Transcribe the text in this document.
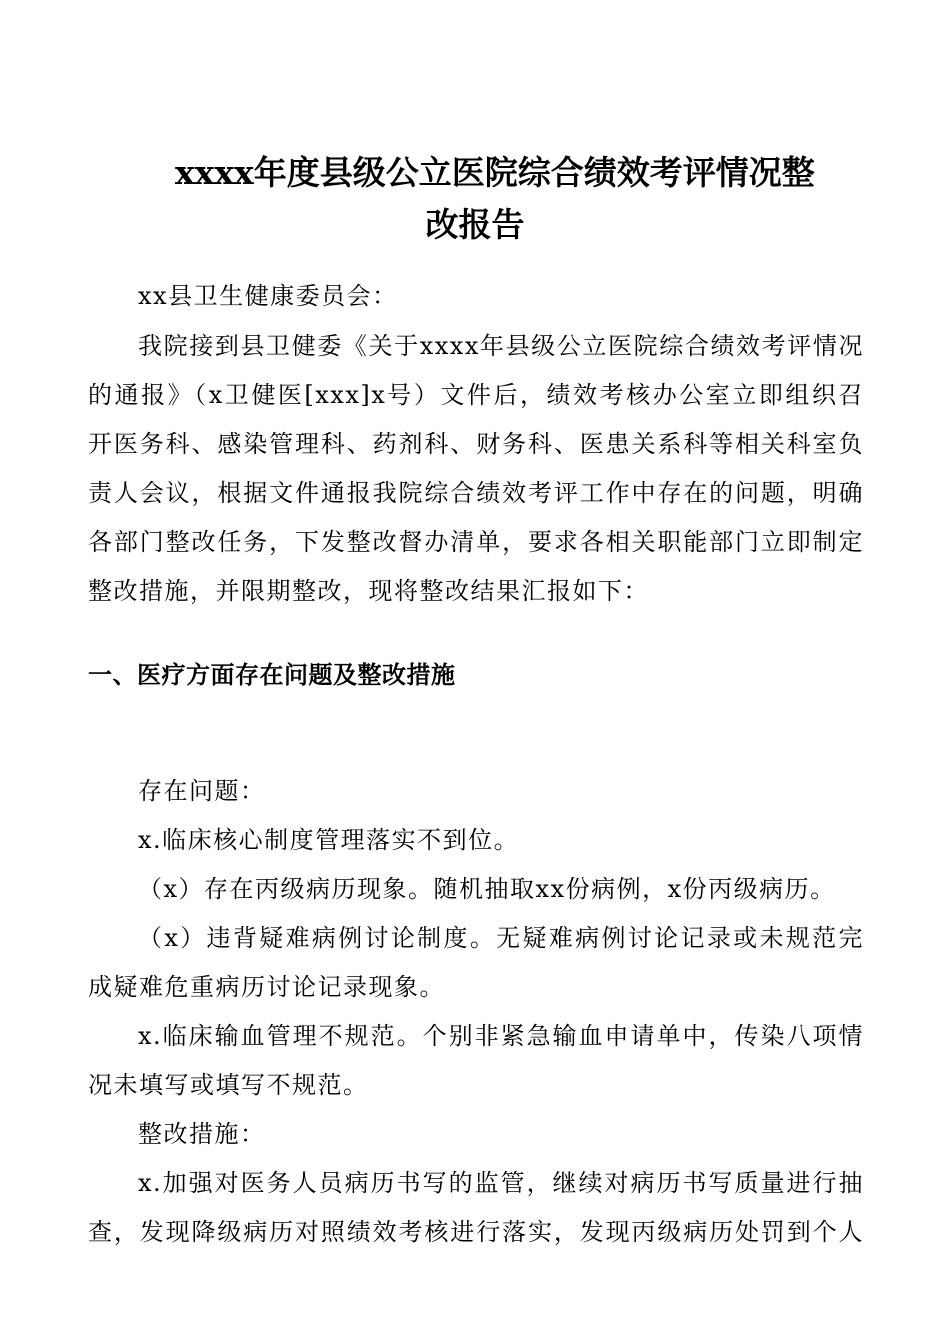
xxxx年度县级公立医院综合绩效考评情况整
改报告

xx县卫生健康委员会：

我院接到县卫健委《关于xxxx年县级公立医院综合绩效考评情况
的通报》（x卫健医[xxx]x号）文件后，绩效考核办公室立即组织召
开医务科、感染管理科、药剂科、财务科、医患关系科等相关科室负
责人会议，根据文件通报我院综合绩效考评工作中存在的问题，明确
各部门整改任务，下发整改督办清单，要求各相关职能部门立即制定
整改措施，并限期整改，现将整改结果汇报如下：
一、医疗方面存在问题及整改措施
存在问题：
x.临床核心制度管理落实不到位。
（x）存在丙级病历现象。随机抽取xx份病例，x份丙级病历。
（x）违背疑难病例讨论制度。无疑难病例讨论记录或未规范完
成疑难危重病历讨论记录现象。
x.临床输血管理不规范。个别非紧急输血申请单中，传染八项情
况未填写或填写不规范。
整改措施：
x.加强对医务人员病历书写的监管，继续对病历书写质量进行抽
查，发现降级病历对照绩效考核进行落实，发现丙级病历处罚到个人
